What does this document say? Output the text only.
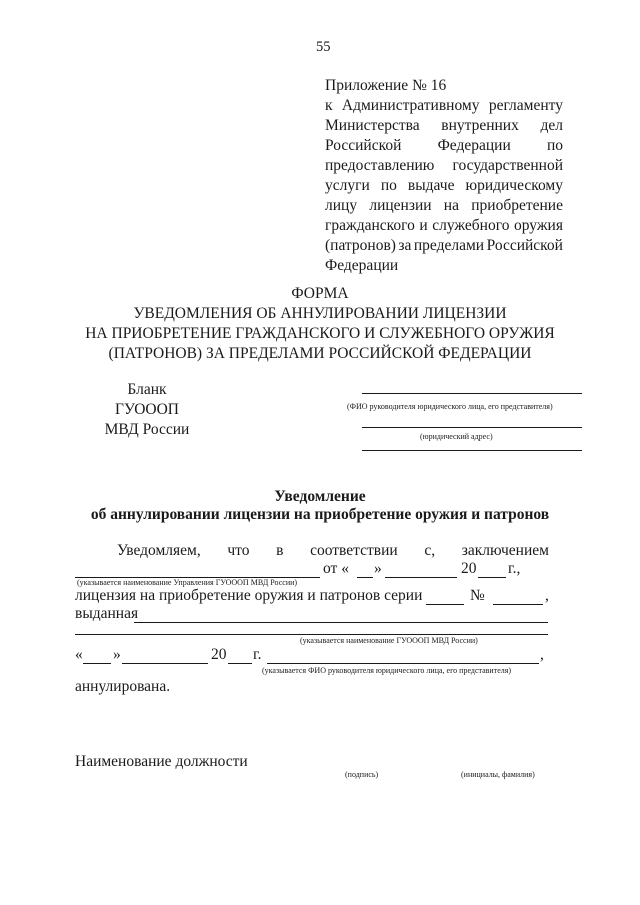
55
Приложение № 16
к Административному регламенту
Министерства внутренних дел
Российской Федерации по
предоставлению государственной
услуги по выдаче юридическому
лицу лицензии на приобретение
гражданского и служебного оружия
(патронов) за пределами Российской
Федерации
ФОРМА
УВЕДОМЛЕНИЯ ОБ АННУЛИРОВАНИИ ЛИЦЕНЗИИ
НА ПРИОБРЕТЕНИЕ ГРАЖДАНСКОГО И СЛУЖЕБНОГО ОРУЖИЯ
(ПАТРОНОВ) ЗА ПРЕДЕЛАМИ РОССИЙСКОЙ ФЕДЕРАЦИИ
Бланк
ГУОООП
МВД России
(ФИО руководителя юридического лица, его представителя)
(юридический адрес)
Уведомление
об аннулировании лицензии на приобретение оружия и патронов
Уведомляем, что в соответствии с, заключением
от « »	20 г.,
(указывается наименование Управления ГУОООП МВД России)
лицензия на приобретение оружия и патронов серии	№	,
выданная
(указывается наименование ГУОООП МВД России)
« »	20 г.	,
(указывается ФИО руководителя юридического лица, его представителя)
аннулирована.
Наименование должности
(подпись)	(инициалы, фамилия)
